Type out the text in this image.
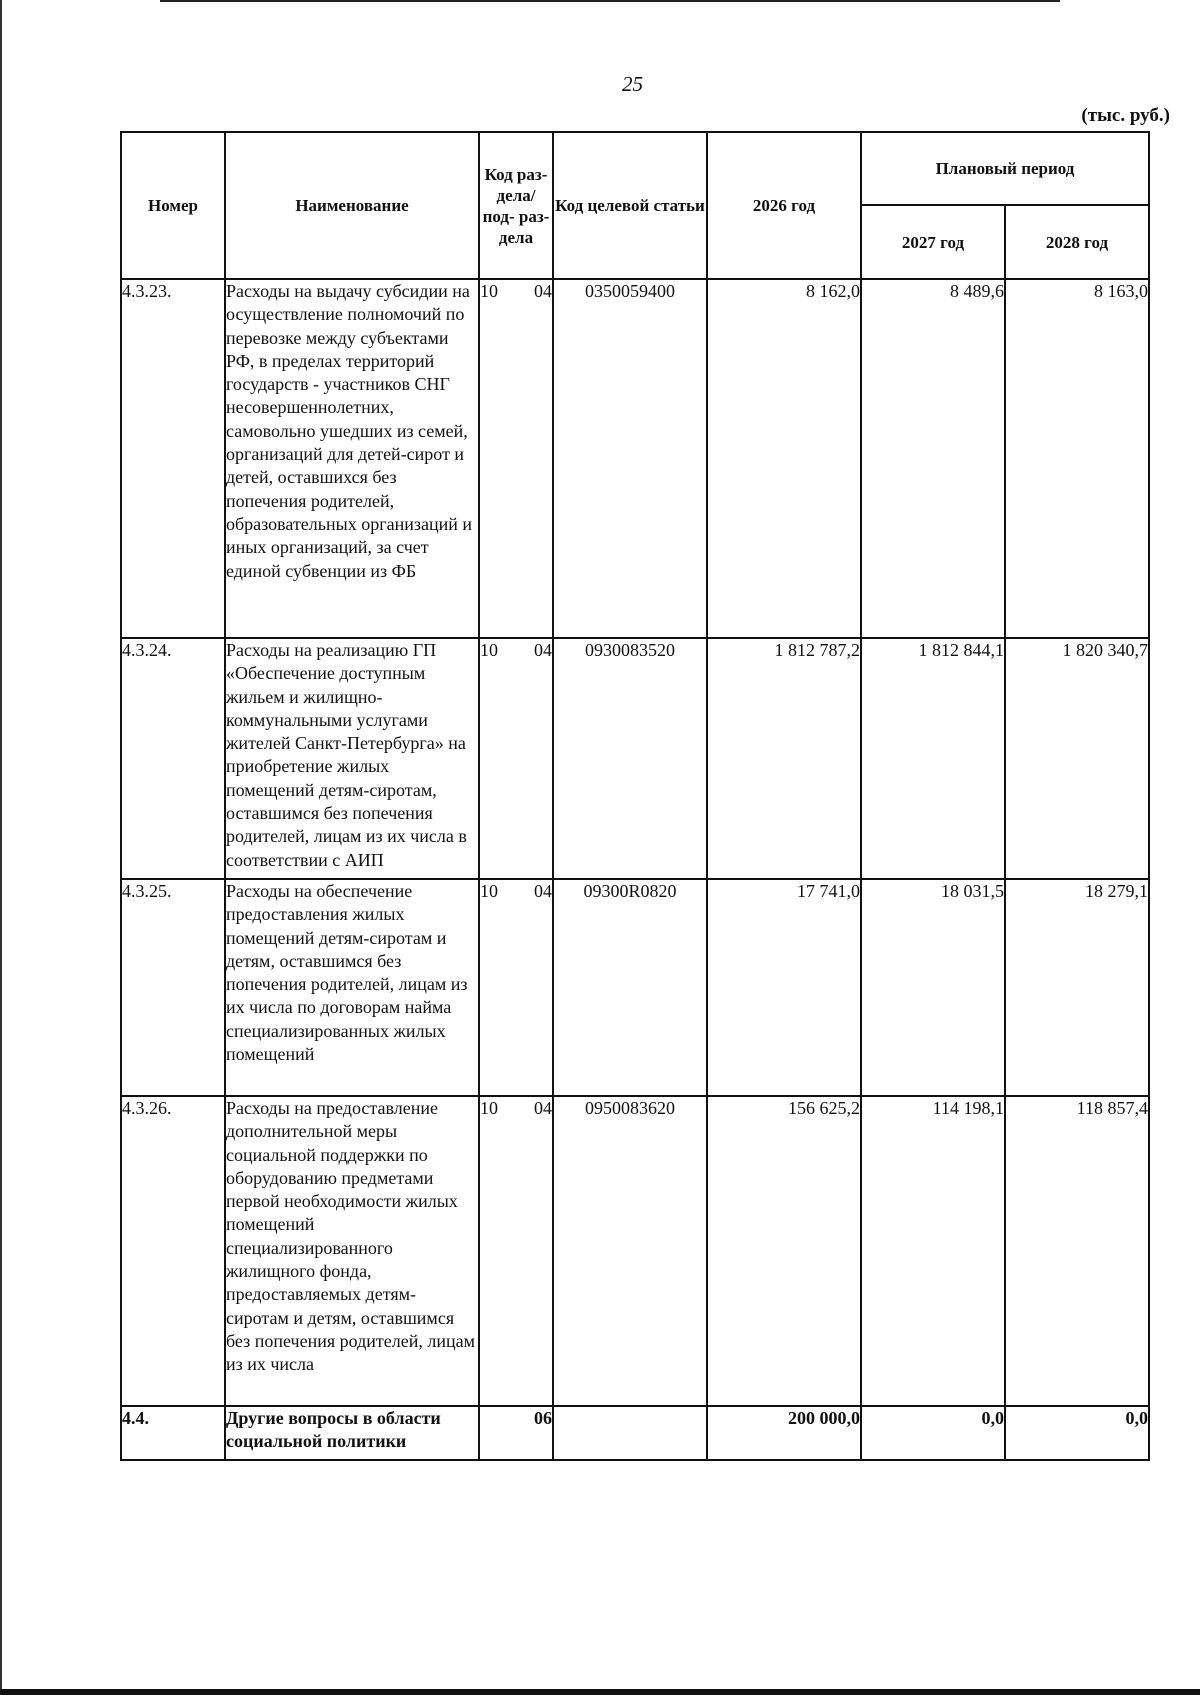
25
(тыс. руб.)
Номер	Наименование	Код раз- дела/ под- раз- дела	Код целевой статьи	2026 год	Плановый период	
					2027 год	2028 год
4.3.23.	Расходы на выдачу субсидии на осуществление полномочий по перевозке между субъектами РФ, в пределах территорий государств - участников СНГ несовершеннолетних, самовольно ушедших из семей, организаций для детей-сирот и детей, оставшихся без попечения родителей, образовательных организаций и иных организаций, за счет единой субвенции из ФБ	10 04	0350059400	8 162,0	8 489,6	8 163,0
4.3.24.	Расходы на реализацию ГП «Обеспечение доступным жильем и жилищно-коммунальными услугами жителей Санкт-Петербурга» на приобретение жилых помещений детям-сиротам, оставшимся без попечения родителей, лицам из их числа в соответствии с АИП	10 04	0930083520	1 812 787,2	1 812 844,1	1 820 340,7
4.3.25.	Расходы на обеспечение предоставления жилых помещений детям-сиротам и детям, оставшимся без попечения родителей, лицам из их числа по договорам найма специализированных жилых помещений	10 04	09300R0820	17 741,0	18 031,5	18 279,1
4.3.26.	Расходы на предоставление дополнительной меры социальной поддержки по оборудованию предметами первой необходимости жилых помещений специализированного жилищного фонда, предоставляемых детям-сиротам и детям, оставшимся без попечения родителей, лицам из их числа	10 04	0950083620	156 625,2	114 198,1	118 857,4
4.4.	Другие вопросы в области социальной политики	06		200 000,0	0,0	0,0
